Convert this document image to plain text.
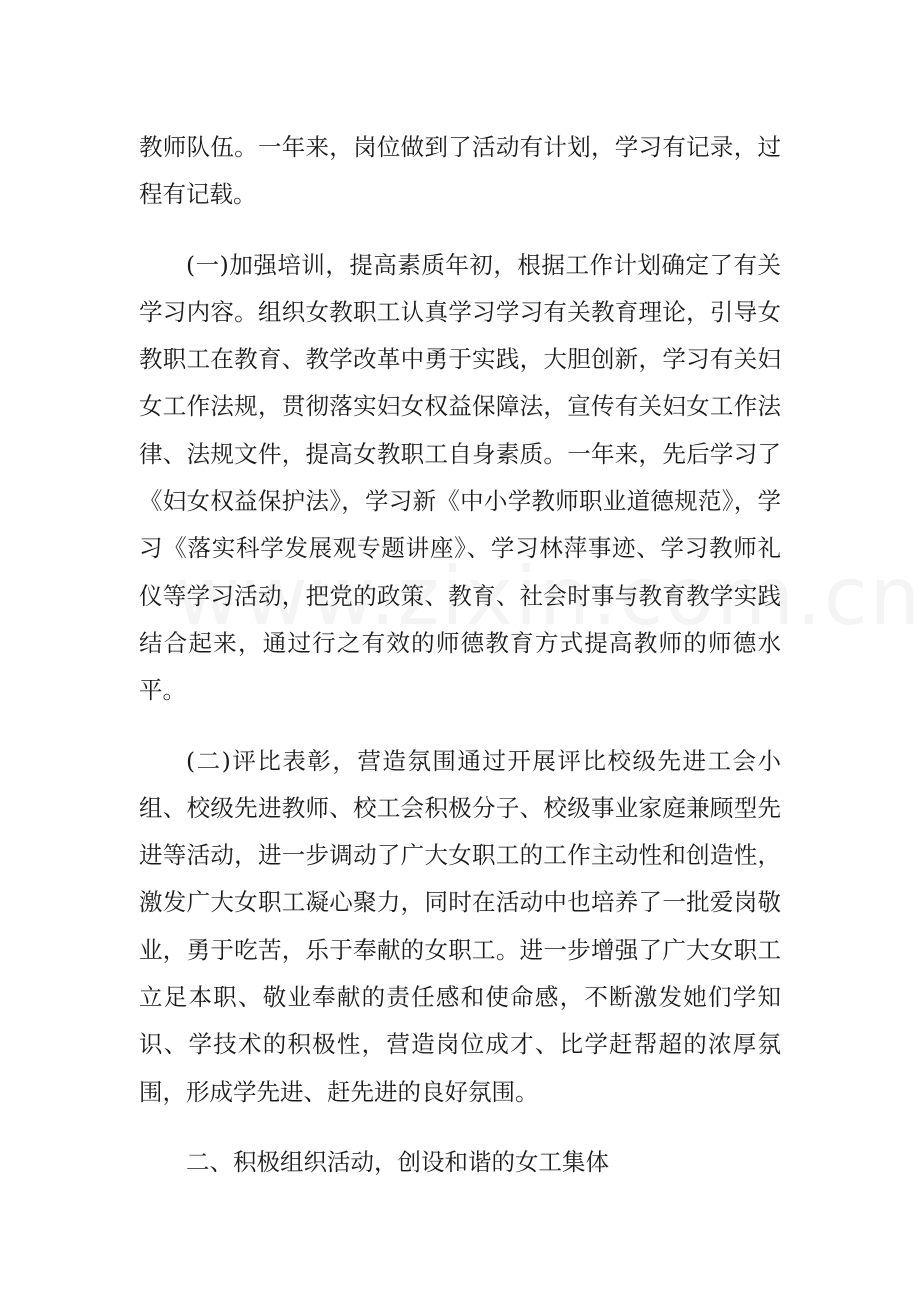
教师队伍。一年来，岗位做到了活动有计划，学习有记录，过程有记载。

(一)加强培训，提高素质年初，根据工作计划确定了有关学习内容。组织女教职工认真学习学习有关教育理论，引导女教职工在教育、教学改革中勇于实践，大胆创新，学习有关妇女工作法规，贯彻落实妇女权益保障法，宣传有关妇女工作法律、法规文件，提高女教职工自身素质。一年来，先后学习了《妇女权益保护法》，学习新《中小学教师职业道德规范》，学习《落实科学发展观专题讲座》、学习林萍事迹、学习教师礼仪等学习活动，把党的政策、教育、社会时事与教育教学实践结合起来，通过行之有效的师德教育方式提高教师的师德水平。

(二)评比表彰，营造氛围通过开展评比校级先进工会小组、校级先进教师、校工会积极分子、校级事业家庭兼顾型先进等活动，进一步调动了广大女职工的工作主动性和创造性，激发广大女职工凝心聚力，同时在活动中也培养了一批爱岗敬业，勇于吃苦，乐于奉献的女职工。进一步增强了广大女职工立足本职、敬业奉献的责任感和使命感，不断激发她们学知识、学技术的积极性，营造岗位成才、比学赶帮超的浓厚氛围，形成学先进、赶先进的良好氛围。

二、积极组织活动，创设和谐的女工集体
